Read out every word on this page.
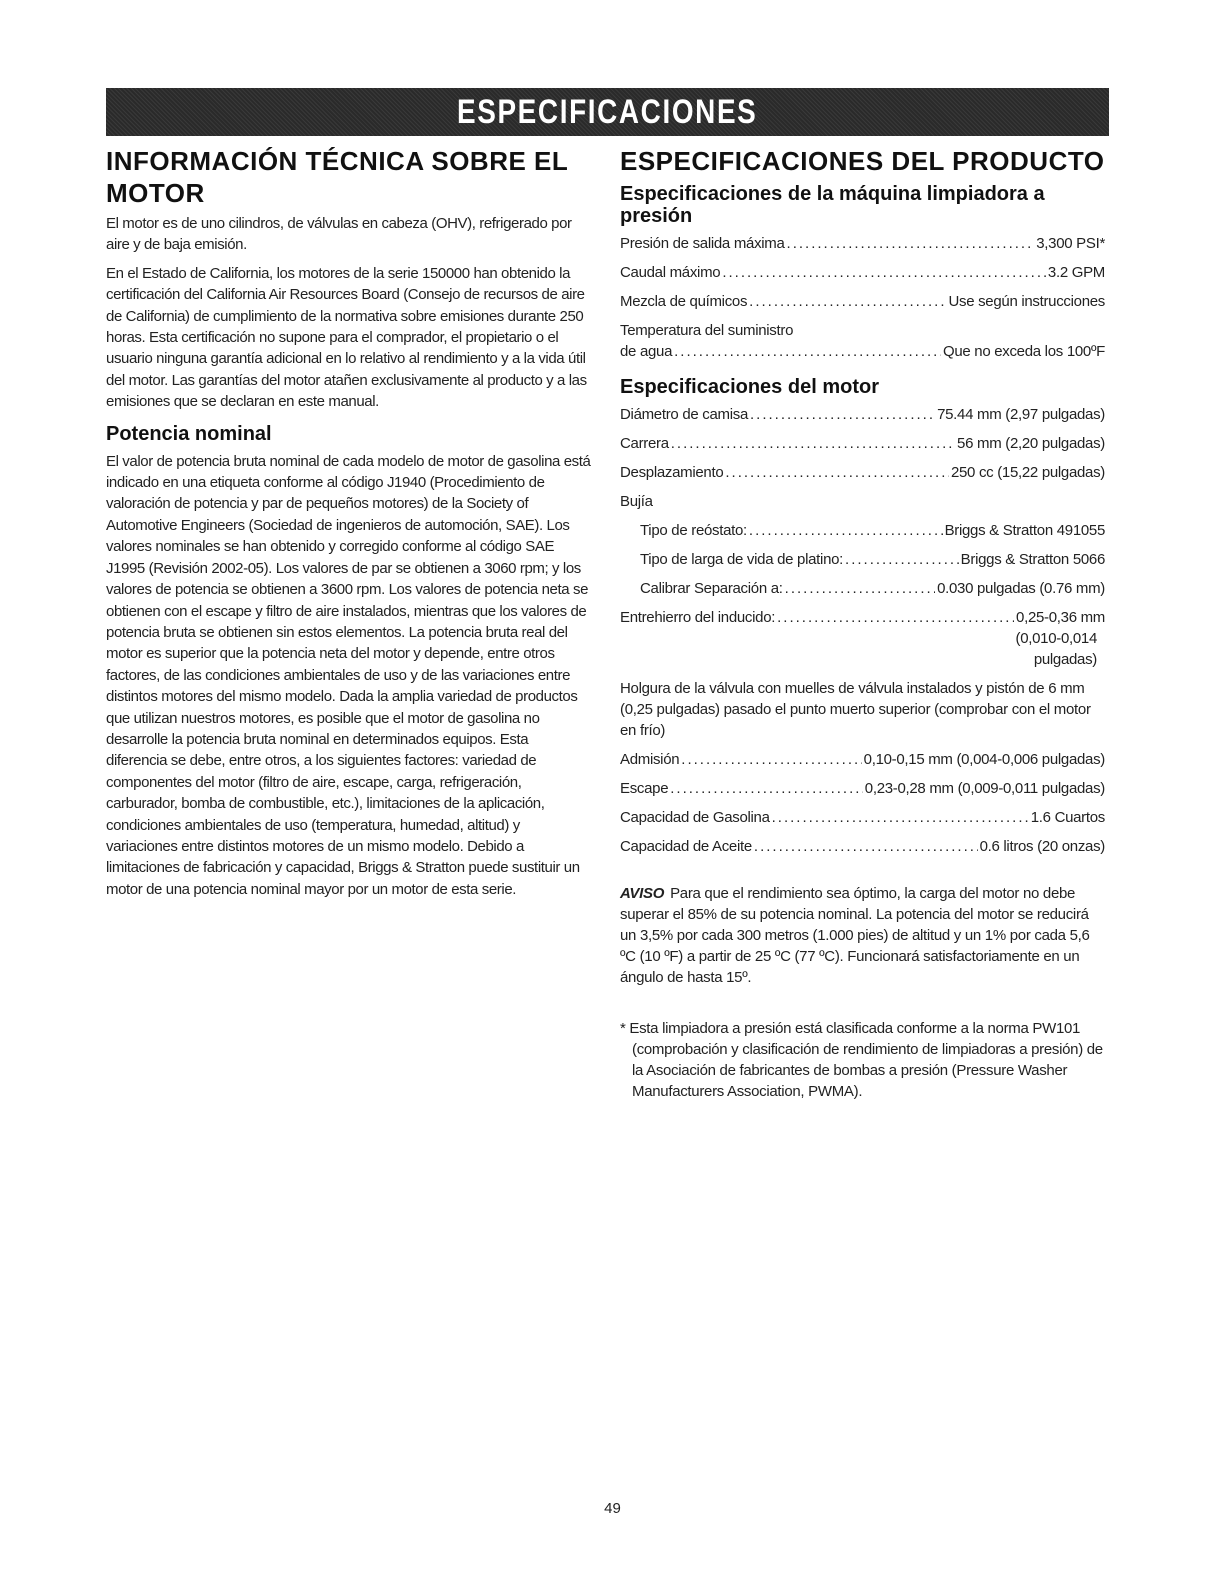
ESPECIFICACIONES
INFORMACIÓN TÉCNICA SOBRE EL
MOTOR

El motor es de uno cilindros, de válvulas en cabeza (OHV), refrigerado por aire y de baja emisión.

En el Estado de California, los motores de la serie 150000 han obtenido la certificación del California Air Resources Board (Consejo de recursos de aire de California) de cumplimiento de la normativa sobre emisiones durante 250 horas. Esta certificación no supone para el comprador, el propietario o el usuario ninguna garantía adicional en lo relativo al rendimiento y a la vida útil del motor. Las garantías del motor atañen exclusivamente al producto y a las emisiones que se declaran en este manual.

Potencia nominal

El valor de potencia bruta nominal de cada modelo de motor de gasolina está indicado en una etiqueta conforme al código J1940 (Procedimiento de valoración de potencia y par de pequeños motores) de la Society of Automotive Engineers (Sociedad de ingenieros de automoción, SAE). Los valores nominales se han obtenido y corregido conforme al código SAE J1995 (Revisión 2002-05). Los valores de par se obtienen a 3060 rpm; y los valores de potencia se obtienen a 3600 rpm. Los valores de potencia neta se obtienen con el escape y filtro de aire instalados, mientras que los valores de potencia bruta se obtienen sin estos elementos. La potencia bruta real del motor es superior que la potencia neta del motor y depende, entre otros factores, de las condiciones ambientales de uso y de las variaciones entre distintos motores del mismo modelo. Dada la amplia variedad de productos que utilizan nuestros motores, es posible que el motor de gasolina no desarrolle la potencia bruta nominal en determinados equipos. Esta diferencia se debe, entre otros, a los siguientes factores: variedad de componentes del motor (filtro de aire, escape, carga, refrigeración, carburador, bomba de combustible, etc.), limitaciones de la aplicación, condiciones ambientales de uso (temperatura, humedad, altitud) y variaciones entre distintos motores de un mismo modelo. Debido a limitaciones de fabricación y capacidad, Briggs & Stratton puede sustituir un motor de una potencia nominal mayor por un motor de esta serie.

ESPECIFICACIONES DEL PRODUCTO
Especificaciones de la máquina limpiadora a presión
Presión de salida máxima .....	3,300 PSI*
Caudal máximo .....	3.2 GPM
Mezcla de químicos .....	Use según instrucciones
Temperatura del suministro
de agua .....	Que no exceda los 100ºF
Especificaciones del motor
Diámetro de camisa .....	75.44 mm (2,97 pulgadas)
Carrera .....	56 mm (2,20 pulgadas)
Desplazamiento .....	250 cc (15,22 pulgadas)
Bujía
Tipo de reóstato: .....	Briggs & Stratton 491055
Tipo de larga de vida de platino: .....	Briggs & Stratton 5066
Calibrar Separación a: .....	0.030 pulgadas (0.76 mm)
Entrehierro del inducido: .....	0,25-0,36 mm
(0,010-0,014
pulgadas)
Holgura de la válvula con muelles de válvula instalados y pistón de 6 mm (0,25 pulgadas) pasado el punto muerto superior (comprobar con el motor en frío)
Admisión .....	0,10-0,15 mm (0,004-0,006 pulgadas)
Escape .....	0,23-0,28 mm (0,009-0,011 pulgadas)
Capacidad de Gasolina .....	1.6 Cuartos
Capacidad de Aceite .....	0.6 litros (20 onzas)
AVISO Para que el rendimiento sea óptimo, la carga del motor no debe superar el 85% de su potencia nominal. La potencia del motor se reducirá un 3,5% por cada 300 metros (1.000 pies) de altitud y un 1% por cada 5,6 ºC (10 ºF) a partir de 25 ºC (77 ºC). Funcionará satisfactoriamente en un ángulo de hasta 15º.
* Esta limpiadora a presión está clasificada conforme a la norma PW101 (comprobación y clasificación de rendimiento de limpiadoras a presión) de la Asociación de fabricantes de bombas a presión (Pressure Washer Manufacturers Association, PWMA).
49
